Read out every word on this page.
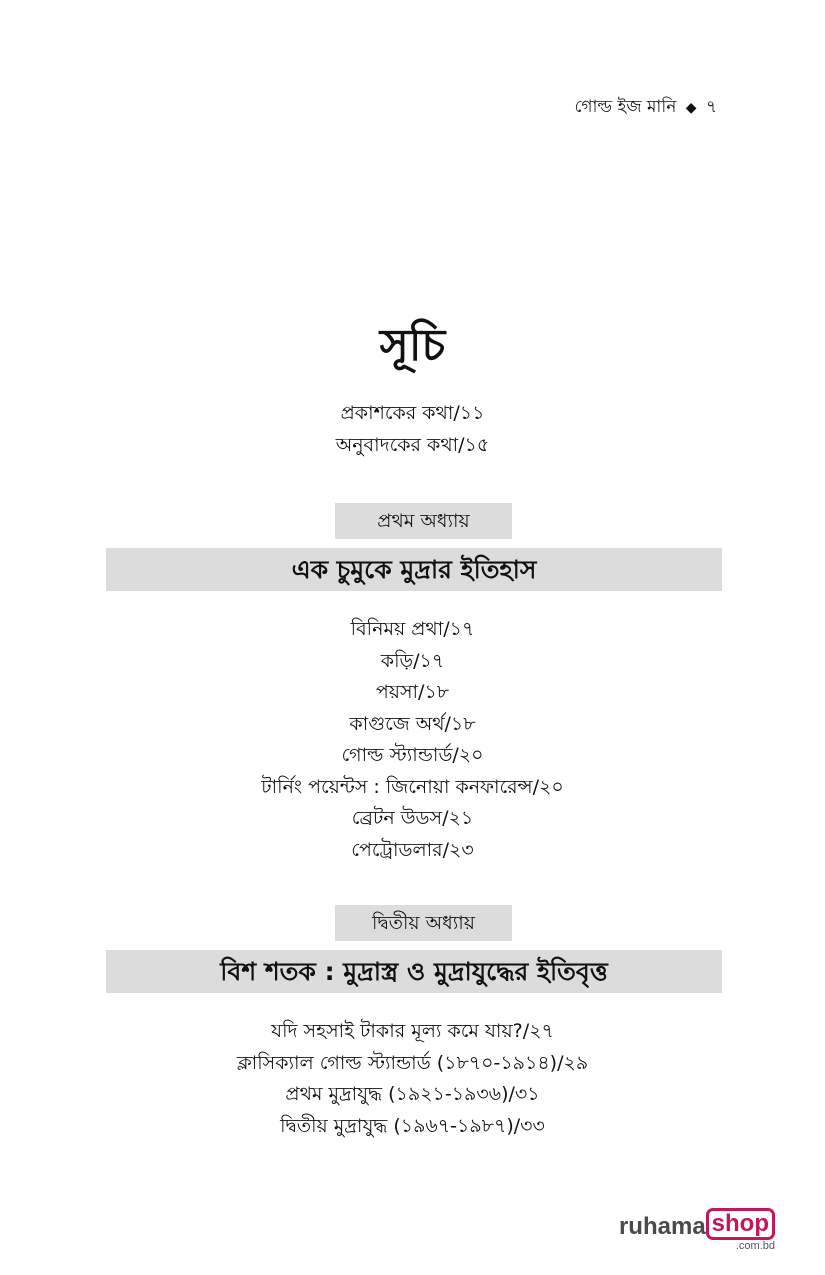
গোল্ড ইজ মানি ◆ ৭
সূচি
প্রকাশকের কথা/১১
অনুবাদকের কথা/১৫
প্রথম অধ্যায়
এক চুমুকে মুদ্রার ইতিহাস
বিনিময় প্রথা/১৭
কড়ি/১৭
পয়সা/১৮
কাগুজে অর্থ/১৮
গোল্ড স্ট্যান্ডার্ড/২০
টার্নিং পয়েন্টস : জিনোয়া কনফারেন্স/২০
ব্রেটন উডস/২১
পেট্রোডলার/২৩
দ্বিতীয় অধ্যায়
বিশ শতক : মুদ্রাস্ত্র ও মুদ্রাযুদ্ধের ইতিবৃত্ত
যদি সহসাই টাকার মূল্য কমে যায়?/২৭
ক্লাসিক্যাল গোল্ড স্ট্যান্ডার্ড (১৮৭০-১৯১৪)/২৯
প্রথম মুদ্রাযুদ্ধ (১৯২১-১৯৩৬)/৩১
দ্বিতীয় মুদ্রাযুদ্ধ (১৯৬৭-১৯৮৭)/৩৩
ruhama shop
.com.bd
